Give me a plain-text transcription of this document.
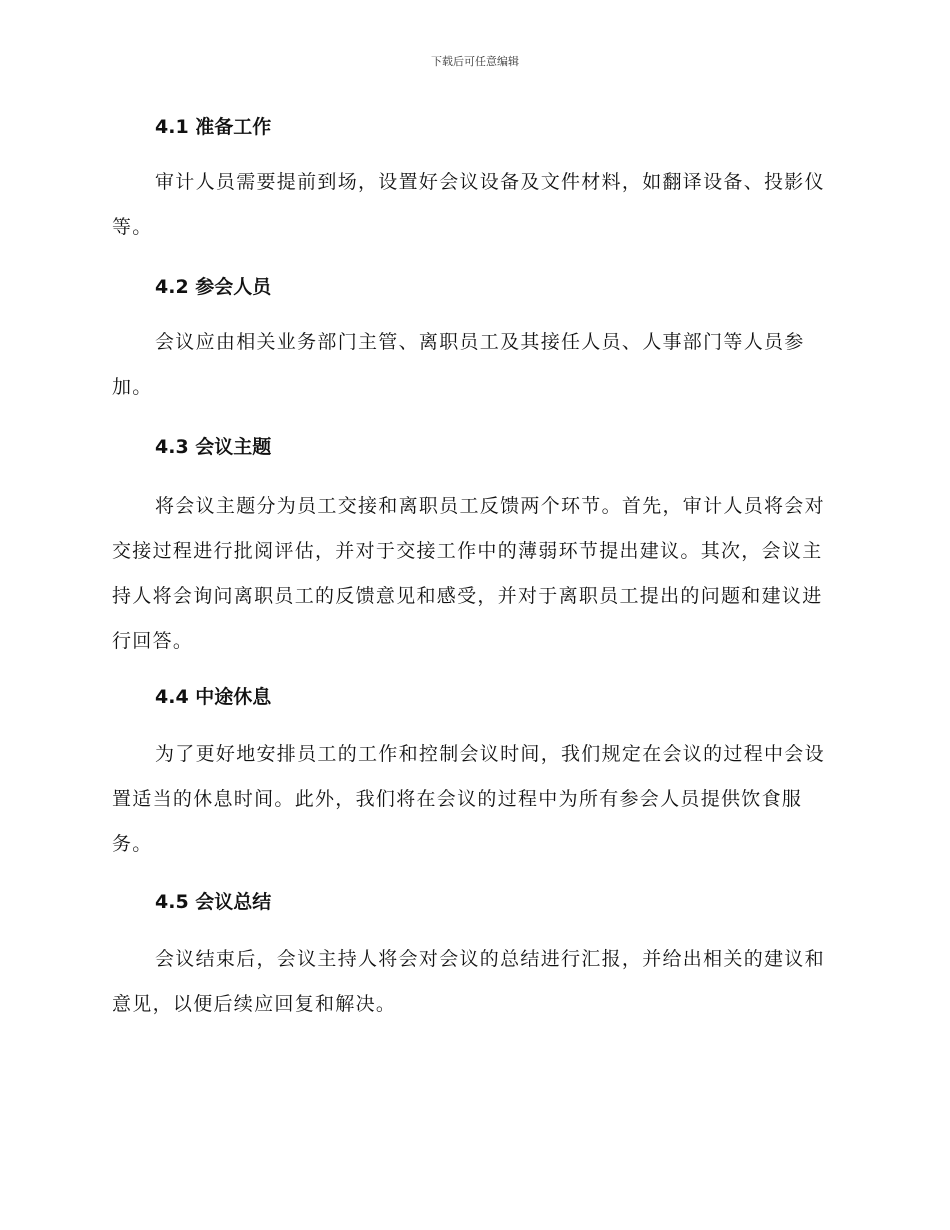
下载后可任意编辑
4.1 准备工作

审计人员需要提前到场，设置好会议设备及文件材料，如翻译设备、投影仪等。

4.2 参会人员

会议应由相关业务部门主管、离职员工及其接任人员、人事部门等人员参加。

4.3 会议主题

将会议主题分为员工交接和离职员工反馈两个环节。首先，审计人员将会对交接过程进行批阅评估，并对于交接工作中的薄弱环节提出建议。其次，会议主持人将会询问离职员工的反馈意见和感受，并对于离职员工提出的问题和建议进行回答。

4.4 中途休息

为了更好地安排员工的工作和控制会议时间，我们规定在会议的过程中会设置适当的休息时间。此外，我们将在会议的过程中为所有参会人员提供饮食服务。

4.5 会议总结

会议结束后，会议主持人将会对会议的总结进行汇报，并给出相关的建议和意见，以便后续应回复和解决。
